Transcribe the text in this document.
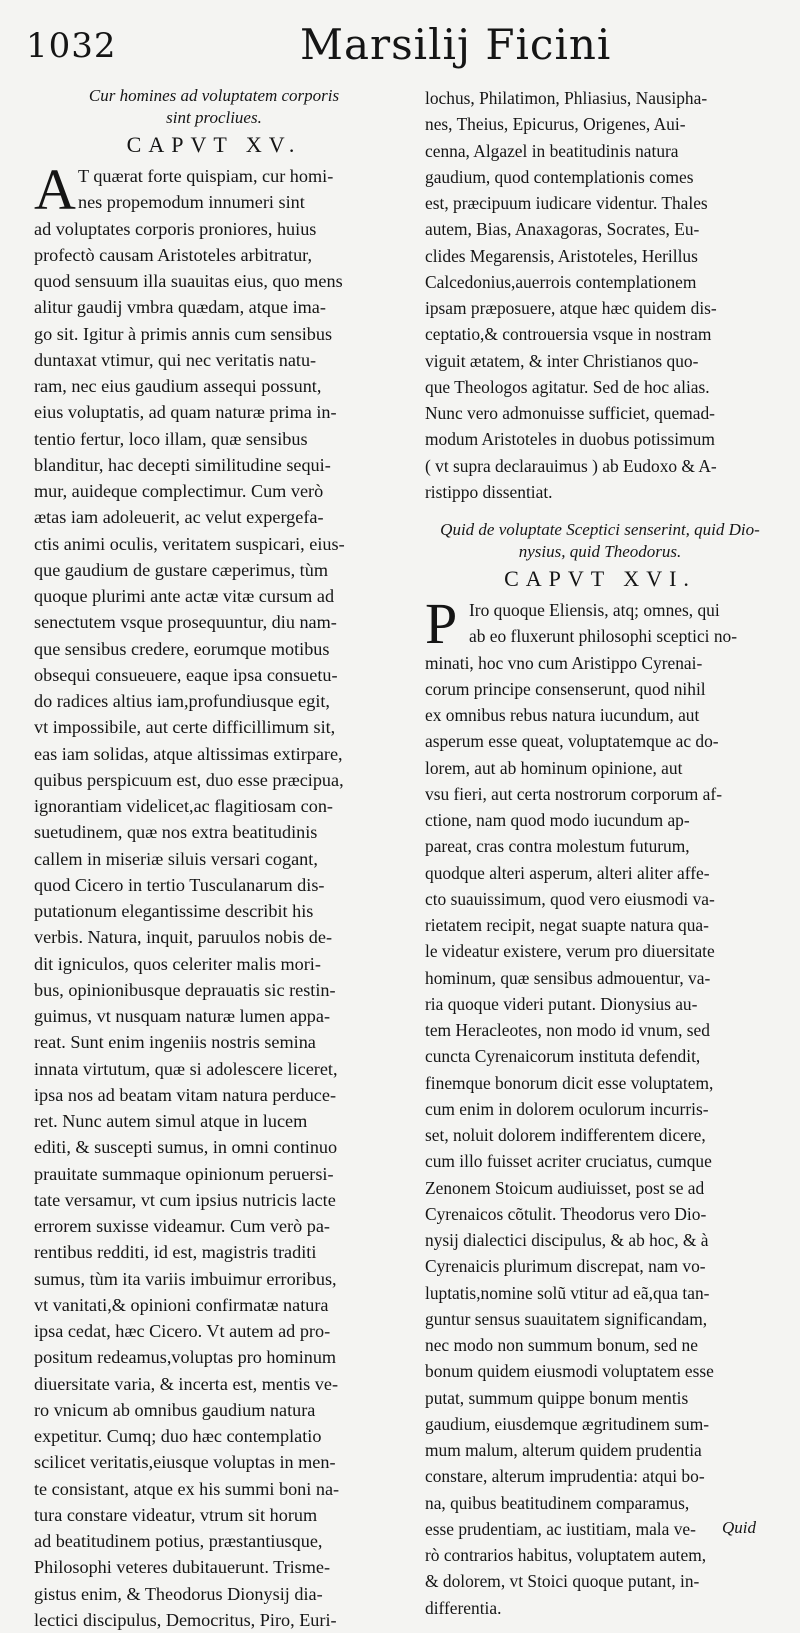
1032	Marsilij Ficini
Cur homines ad voluptatem corporis
sint procliues.
CAPVT XV.
A T quærat forte quispiam, cur homi-
nes propemodum innumeri sint
ad voluptates corporis proniores, huius
profectò causam Aristoteles arbitratur,
quod sensuum illa suauitas eius, quo mens
alitur gaudij vmbra quædam, atque ima-
go sit. Igitur à primis annis cum sensibus
duntaxat vtimur, qui nec veritatis natu-
ram, nec eius gaudium assequi possunt,
eius voluptatis, ad quam naturæ prima in-
tentio fertur, loco illam, quæ sensibus
blanditur, hac decepti similitudine sequi-
mur, auideque complectimur. Cum verò
ætas iam adoleuerit, ac velut expergefa-
ctis animi oculis, veritatem suspicari, eius-
que gaudium de gustare cæperimus, tùm
quoque plurimi ante actæ vitæ cursum ad
senectutem vsque prosequuntur, diu nam-
que sensibus credere, eorumque motibus
obsequi consueuere, eaque ipsa consuetu-
do radices altius iam,profundiusque egit,
vt impossibile, aut certe difficillimum sit,
eas iam solidas, atque altissimas extirpare,
quibus perspicuum est, duo esse præcipua,
ignorantiam videlicet,ac flagitiosam con-
suetudinem, quæ nos extra beatitudinis
callem in miseriæ siluis versari cogant,
quod Cicero in tertio Tusculanarum dis-
putationum elegantissime describit his
verbis. Natura, inquit, paruulos nobis de-
dit igniculos, quos celeriter malis mori-
bus, opinionibusque deprauatis sic restin-
guimus, vt nusquam naturæ lumen appa-
reat. Sunt enim ingeniis nostris semina
innata virtutum, quæ si adolescere liceret,
ipsa nos ad beatam vitam natura perduce-
ret. Nunc autem simul atque in lucem
editi, & suscepti sumus, in omni continuo
prauitate summaque opinionum peruersi-
tate versamur, vt cum ipsius nutricis lacte
errorem suxisse videamur. Cum verò pa-
rentibus redditi, id est, magistris traditi
sumus, tùm ita variis imbuimur erroribus,
vt vanitati,& opinioni confirmatæ natura
ipsa cedat, hæc Cicero. Vt autem ad pro-
positum redeamus,voluptas pro hominum
diuersitate varia, & incerta est, mentis ve-
ro vnicum ab omnibus gaudium natura
expetitur. Cumq; duo hæc contemplatio
scilicet veritatis,eiusque voluptas in men-
te consistant, atque ex his summi boni na-
tura constare videatur, vtrum sit horum
ad beatitudinem potius, præstantiusque,
Philosophi veteres dubitauerunt. Trisme-
gistus enim, & Theodorus Dionysij dia-
lectici discipulus, Democritus, Piro, Euri-
lochus, Philatimon, Phliasius, Nausipha-
nes, Theius, Epicurus, Origenes, Aui-
cenna, Algazel in beatitudinis natura
gaudium, quod contemplationis comes
est, præcipuum iudicare videntur. Thales
autem, Bias, Anaxagoras, Socrates, Eu-
clides Megarensis, Aristoteles, Herillus
Calcedonius,auerrois contemplationem
ipsam præposuere, atque hæc quidem dis-
ceptatio,& controuersia vsque in nostram
viguit ætatem, & inter Christianos quo-
que Theologos agitatur. Sed de hoc alias.
Nunc vero admonuisse sufficiet, quemad-
modum Aristoteles in duobus potissimum
( vt supra declarauimus ) ab Eudoxo & A-
ristippo dissentiat.
Quid de voluptate Sceptici senserint, quid Dio-
nysius, quid Theodorus.
CAPVT XVI.
P Iro quoque Eliensis, atq; omnes, qui
ab eo fluxerunt philosophi sceptici no-
minati, hoc vno cum Aristippo Cyrenai-
corum principe consenserunt, quod nihil
ex omnibus rebus natura iucundum, aut
asperum esse queat, voluptatemque ac do-
lorem, aut ab hominum opinione, aut
vsu fieri, aut certa nostrorum corporum af-
ctione, nam quod modo iucundum ap-
pareat, cras contra molestum futurum,
quodque alteri asperum, alteri aliter affe-
cto suauissimum, quod vero eiusmodi va-
rietatem recipit, negat suapte natura qua-
le videatur existere, verum pro diuersitate
hominum, quæ sensibus admouentur, va-
ria quoque videri putant. Dionysius au-
tem Heracleotes, non modo id vnum, sed
cuncta Cyrenaicorum instituta defendit,
finemque bonorum dicit esse voluptatem,
cum enim in dolorem oculorum incurris-
set, noluit dolorem indifferentem dicere,
cum illo fuisset acriter cruciatus, cumque
Zenonem Stoicum audiuisset, post se ad
Cyrenaicos cõtulit. Theodorus vero Dio-
nysij dialectici discipulus, & ab hoc, & à
Cyrenaicis plurimum discrepat, nam vo-
luptatis,nomine solũ vtitur ad eã,qua tan-
guntur sensus suauitatem significandam,
nec modo non summum bonum, sed ne
bonum quidem eiusmodi voluptatem esse
putat, summum quippe bonum mentis
gaudium, eiusdemque ægritudinem sum-
mum malum, alterum quidem prudentia
constare, alterum imprudentia: atqui bo-
na, quibus beatitudinem comparamus,
esse prudentiam, ac iustitiam, mala ve-
rò contrarios habitus, voluptatem autem,
& dolorem, vt Stoici quoque putant, in-
differentia.
Quid
